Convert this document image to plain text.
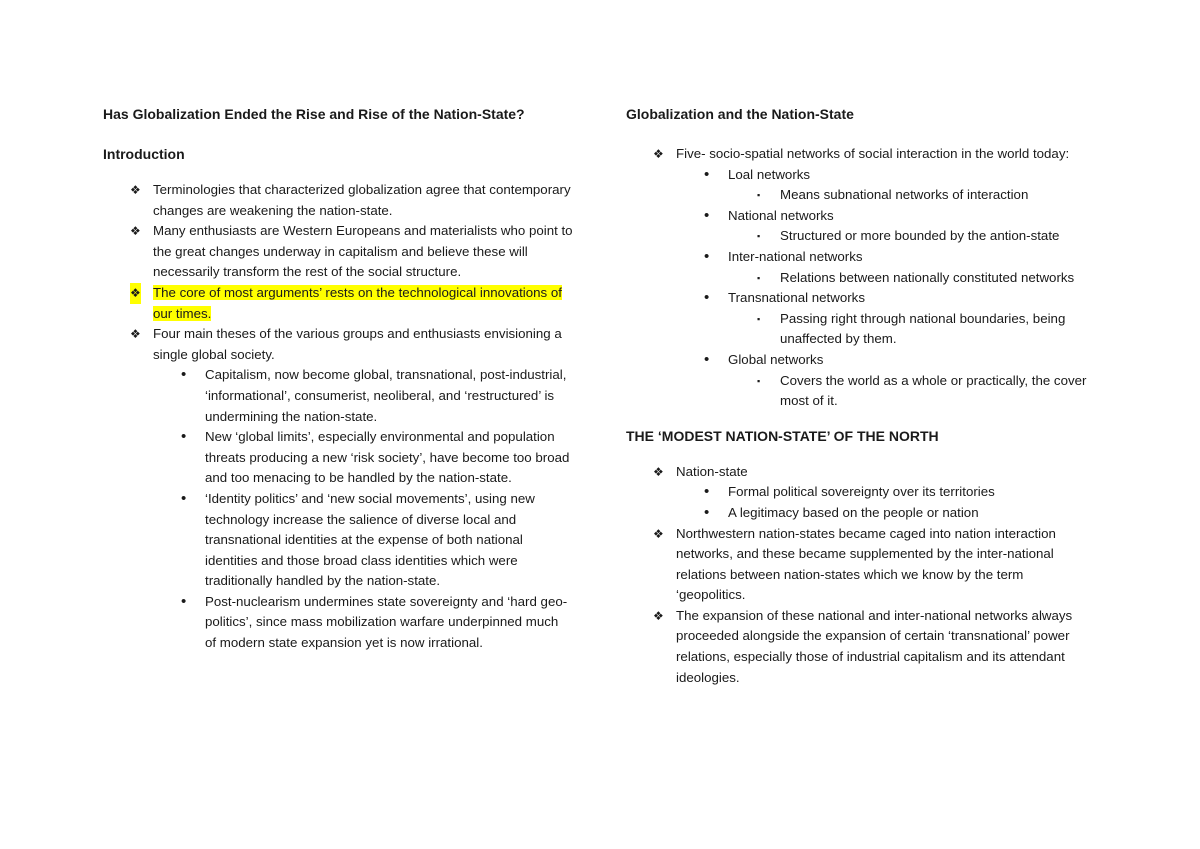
Has Globalization Ended the Rise and Rise of the Nation-State?
Introduction
❖ Terminologies that characterized globalization agree that contemporary changes are weakening the nation-state.
❖ Many enthusiasts are Western Europeans and materialists who point to the great changes underway in capitalism and believe these will necessarily transform the rest of the social structure.
❖ The core of most arguments’ rests on the technological innovations of our times.
❖ Four main theses of the various groups and enthusiasts envisioning a single global society.
• Capitalism, now become global, transnational, post-industrial, ‘informational’, consumerist, neoliberal, and ‘restructured’ is undermining the nation-state.
• New ‘global limits’, especially environmental and population threats producing a new ‘risk society’, have become too broad and too menacing to be handled by the nation-state.
• ‘Identity politics’ and ‘new social movements’, using new technology increase the salience of diverse local and transnational identities at the expense of both national identities and those broad class identities which were traditionally handled by the nation-state.
• Post-nuclearism undermines state sovereignty and ‘hard geo-politics’, since mass mobilization warfare underpinned much of modern state expansion yet is now irrational.
Globalization and the Nation-State
❖ Five- socio-spatial networks of social interaction in the world today:
• Loal networks
▪ Means subnational networks of interaction
• National networks
▪ Structured or more bounded by the antion-state
• Inter-national networks
▪ Relations between nationally constituted networks
• Transnational networks
▪ Passing right through national boundaries, being unaffected by them.
• Global networks
▪ Covers the world as a whole or practically, the cover most of it.
THE ‘MODEST NATION-STATE’ OF THE NORTH
❖ Nation-state
• Formal political sovereignty over its territories
• A legitimacy based on the people or nation
❖ Northwestern nation-states became caged into nation interaction networks, and these became supplemented by the inter-national relations between nation-states which we know by the term ‘geopolitics.
❖ The expansion of these national and inter-national networks always proceeded alongside the expansion of certain ‘transnational’ power relations, especially those of industrial capitalism and its attendant ideologies.
